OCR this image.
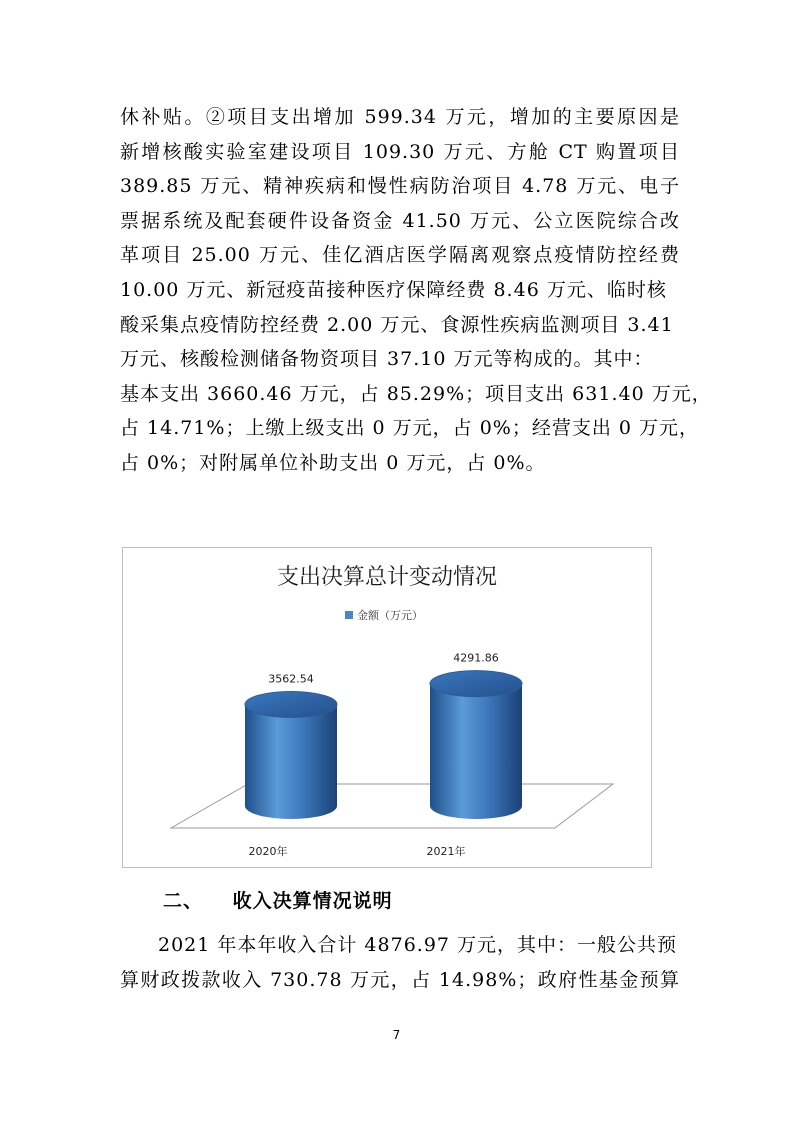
休补贴。②项目支出增加 599.34 万元，增加的主要原因是
新增核酸实验室建设项目 109.30 万元、方舱 CT 购置项目
389.85 万元、精神疾病和慢性病防治项目 4.78 万元、电子
票据系统及配套硬件设备资金 41.50 万元、公立医院综合改
革项目 25.00 万元、佳亿酒店医学隔离观察点疫情防控经费
10.00 万元、新冠疫苗接种医疗保障经费 8.46 万元、临时核
酸采集点疫情防控经费 2.00 万元、食源性疾病监测项目 3.41
万元、核酸检测储备物资项目 37.10 万元等构成的。其中：
基本支出 3660.46 万元，占 85.29%；项目支出 631.40 万元，
占 14.71%；上缴上级支出 0 万元，占 0%；经营支出 0 万元，
占 0%；对附属单位补助支出 0 万元，占 0%。
支出决算总计变动情况
金额（万元）
3562.54
4291.86
2020年	2021年
二、 收入决算情况说明
2021 年本年收入合计 4876.97 万元，其中：一般公共预
算财政拨款收入 730.78 万元，占 14.98%；政府性基金预算
7
